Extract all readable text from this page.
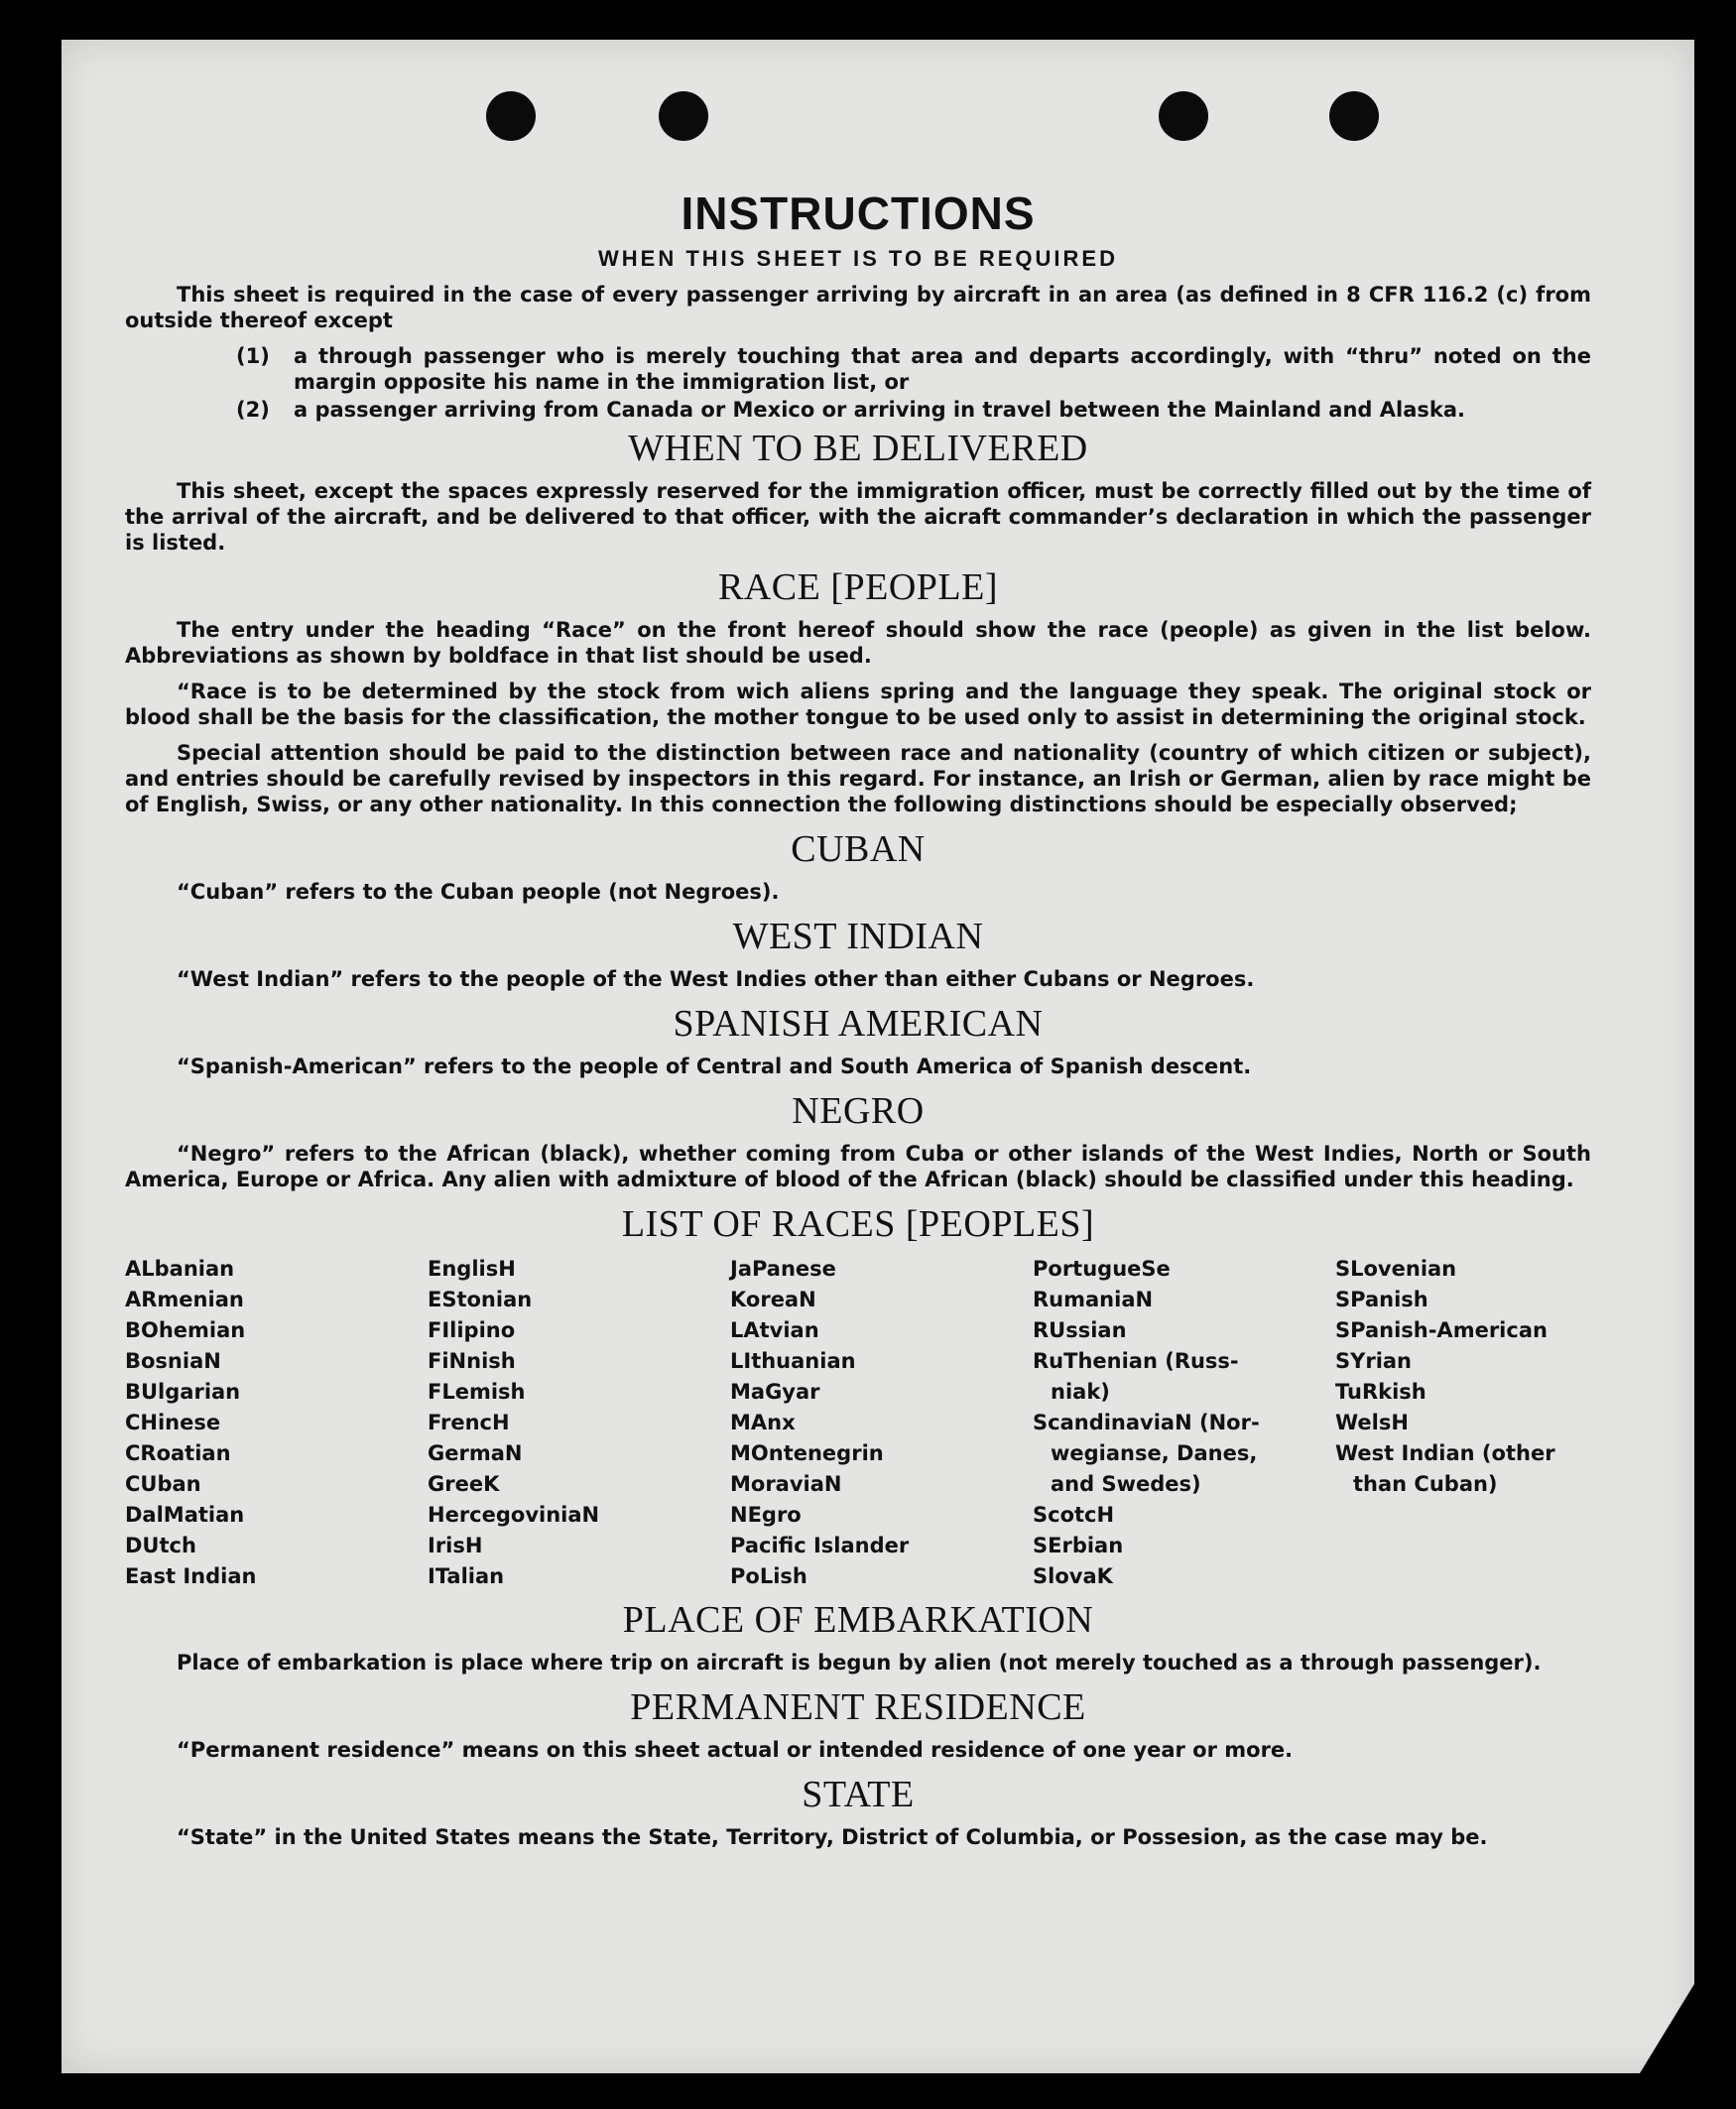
INSTRUCTIONS
WHEN THIS SHEET IS TO BE REQUIRED

This sheet is required in the case of every passenger arriving by aircraft in an area (as defined in 8 CFR 116.2 (c) from outside thereof except

(1)	a through passenger who is merely touching that area and departs accordingly, with “thru” noted on the margin opposite his name in the immigration list, or
(2)	a passenger arriving from Canada or Mexico or arriving in travel between the Mainland and Alaska.
WHEN TO BE DELIVERED

This sheet, except the spaces expressly reserved for the immigration officer, must be correctly filled out by the time of the arrival of the aircraft, and be delivered to that officer, with the aicraft commander’s declaration in which the passenger is listed.

RACE [PEOPLE]

The entry under the heading “Race” on the front hereof should show the race (people) as given in the list below. Abbreviations as shown by boldface in that list should be used.

“Race is to be determined by the stock from wich aliens spring and the language they speak. The original stock or blood shall be the basis for the classification, the mother tongue to be used only to assist in determining the original stock.

Special attention should be paid to the distinction between race and nationality (country of which citizen or subject), and entries should be carefully revised by inspectors in this regard. For instance, an Irish or German, alien by race might be of English, Swiss, or any other nationality. In this connection the following distinctions should be especially observed;

CUBAN

“Cuban” refers to the Cuban people (not Negroes).

WEST INDIAN

“West Indian” refers to the people of the West Indies other than either Cubans or Negroes.

SPANISH AMERICAN

“Spanish-American” refers to the people of Central and South America of Spanish descent.

NEGRO

“Negro” refers to the African (black), whether coming from Cuba or other islands of the West Indies, North or South America, Europe or Africa. Any alien with admixture of blood of the African (black) should be classified under this heading.

LIST OF RACES [PEOPLES]
ALbanian
ARmenian
BOhemian
BosniaN
BUlgarian
CHinese
CRoatian
CUban
DalMatian
DUtch
East Indian
EnglisH
EStonian
FIlipino
FiNnish
FLemish
FrencH
GermaN
GreeK
HercegoviniaN
IrisH
ITalian
JaPanese
KoreaN
LAtvian
LIthuanian
MaGyar
MAnx
MOntenegrin
MoraviaN
NEgro
Pacific Islander
PoLish
PortugueSe
RumaniaN
RUssian
RuThenian (Russ-
niak)
ScandinaviaN (Nor-
wegianse, Danes,
and Swedes)
ScotcH
SErbian
SlovaK
SLovenian
SPanish
SPanish-American
SYrian
TuRkish
WelsH
West Indian (other
than Cuban)
PLACE OF EMBARKATION

Place of embarkation is place where trip on aircraft is begun by alien (not merely touched as a through passenger).

PERMANENT RESIDENCE

“Permanent residence” means on this sheet actual or intended residence of one year or more.

STATE

“State” in the United States means the State, Territory, District of Columbia, or Possesion, as the case may be.
